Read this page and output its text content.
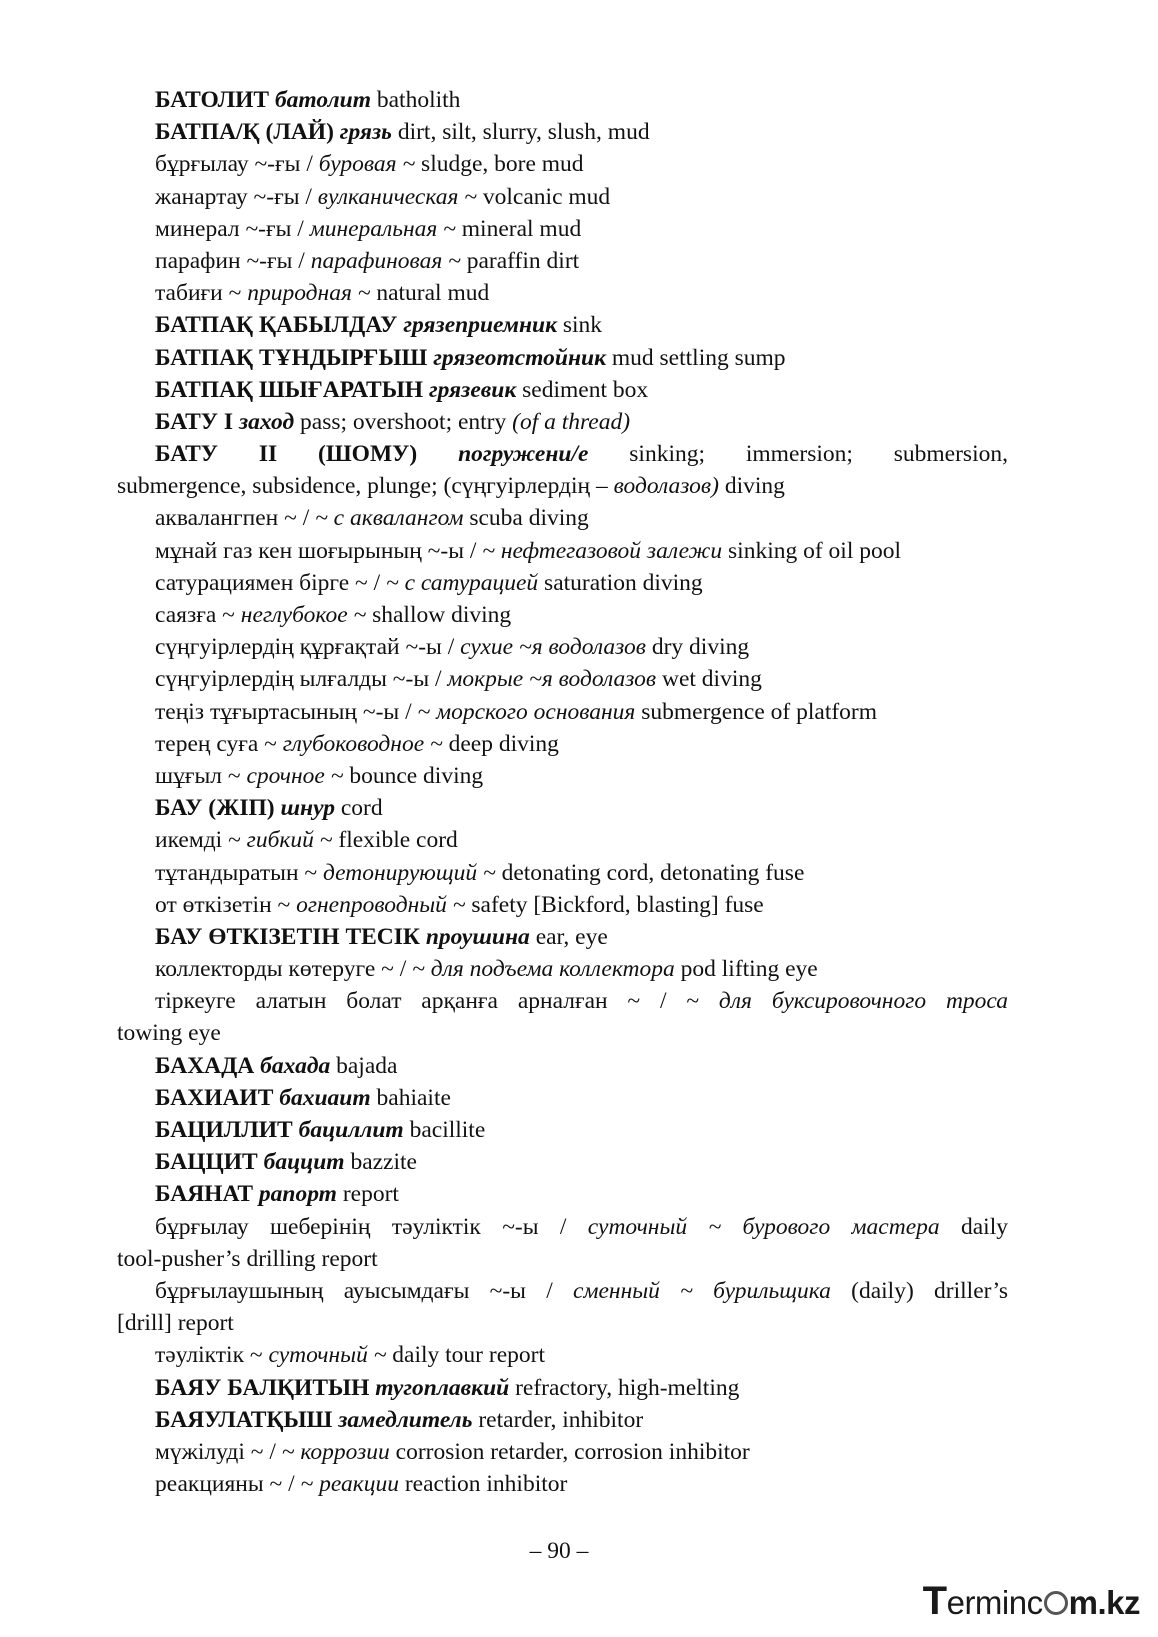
БАТОЛИТ батолит batholith
БАТПА/Қ (ЛАЙ) грязь dirt, silt, slurry, slush, mud
бұрғылау ~-ғы / буровая ~ sludge, bore mud
жанартау ~-ғы / вулканическая ~ volcanic mud
минерал ~-ғы / минеральная ~ mineral mud
парафин ~-ғы / парафиновая ~ paraffin dirt
табиғи ~ природная ~ natural mud
БАТПАҚ ҚАБЫЛДАУ грязеприемник sink
БАТПАҚ ТҰНДЫРҒЫШ грязеотстойник mud settling sump
БАТПАҚ ШЫҒАРАТЫН грязевик sediment box
БАТУ I заход pass; overshoot; entry (of a thread)
БАТУ II (ШОМУ) погружени/е sinking; immersion; submersion,
submergence, subsidence, plunge; (сүңгуірлердің – водолазов) diving
аквалангпен ~ / ~ с аквалангом scuba diving
мұнай газ кен шоғырының ~-ы / ~ нефтегазовой залежи sinking of oil pool
сатурациямен бірге ~ / ~ с сатурацией saturation diving
саязға ~ неглубокое ~ shallow diving
сүңгуірлердің құрғақтай ~-ы / сухие ~я водолазов dry diving
сүңгуірлердің ылғалды ~-ы / мокрые ~я водолазов wet diving
теңіз тұғыртасының ~-ы / ~ морского основания submergence of platform
терең суға ~ глубоководное ~ deep diving
шұғыл ~ срочное ~ bounce diving
БАУ (ЖІП) шнур cord
икемді ~ гибкий ~ flexible cord
тұтандыратын ~ детонирующий ~ detonating cord, detonating fuse
от өткізетін ~ огнепроводный ~ safety [Bickford, blasting] fuse
БАУ ӨТКІЗЕТІН ТЕСІК проушина ear, eye
коллекторды көтеруге ~ / ~ для подъема коллектора pod lifting eye
тіркеуге алатын болат арқанға арналған ~ / ~ для буксировочного троса
towing eye
БАХАДА бахада bajada
БАХИАИТ бахиаит bahiaite
БАЦИЛЛИТ бациллит bacillite
БАЦЦИТ баццит bazzite
БАЯНАТ рапорт report
бұрғылау шеберінің тәуліктік ~-ы / суточный ~ бурового мастера daily
tool-pusher’s drilling report
бұрғылаушының ауысымдағы ~-ы / сменный ~ бурильщика (daily) driller’s
[drill] report
тәуліктік ~ суточный ~ daily tour report
БАЯУ БАЛҚИТЫН тугоплавкий refractory, high-melting
БАЯУЛАТҚЫШ замедлитель retarder, inhibitor
мүжілуді ~ / ~ коррозии corrosion retarder, corrosion inhibitor
реакцияны ~ / ~ реакции reaction inhibitor
– 90 –
Terminc m.kz
